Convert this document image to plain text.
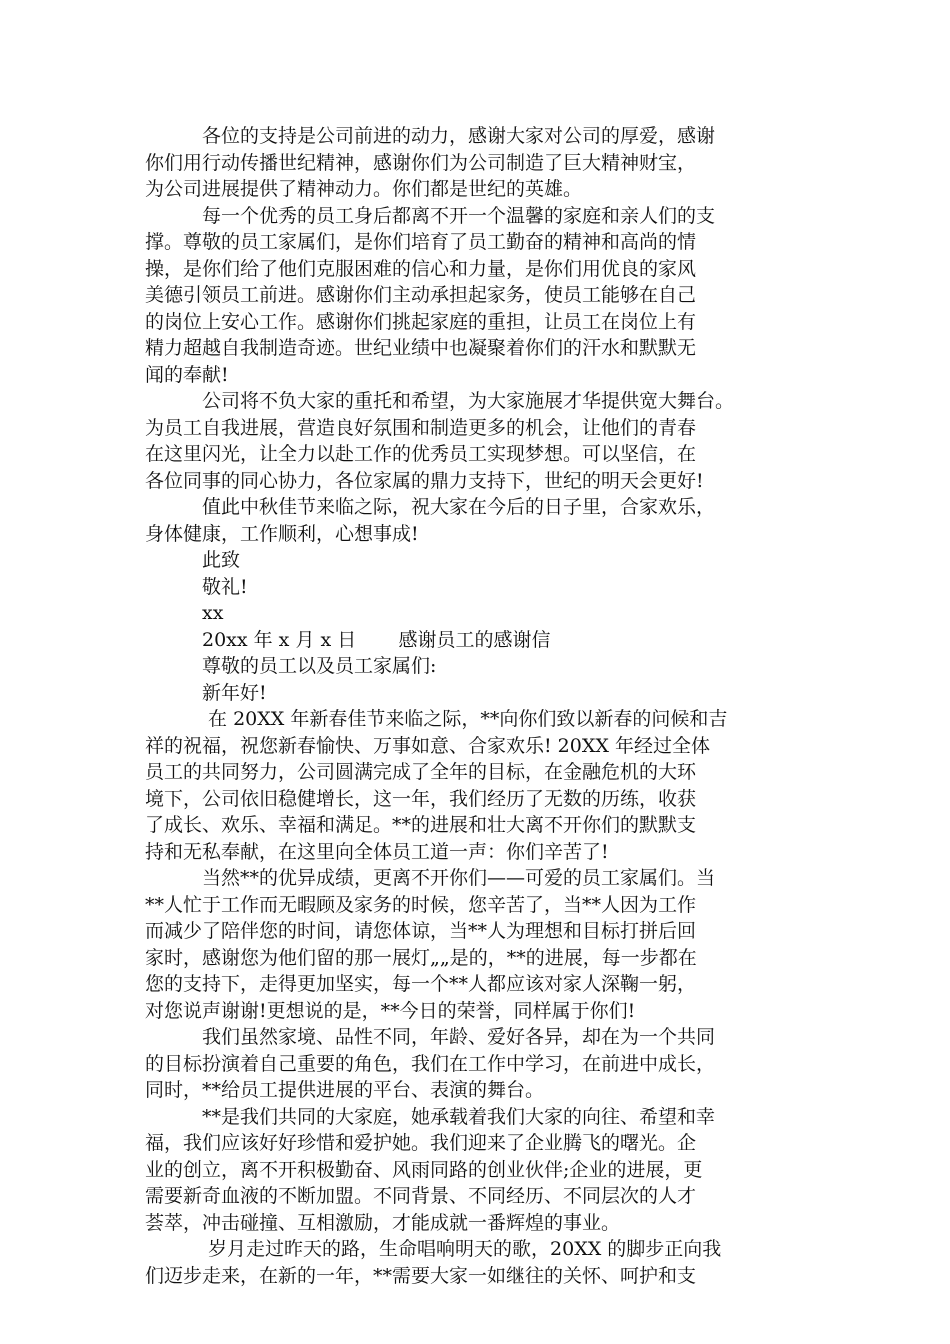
各位的支持是公司前进的动力，感谢大家对公司的厚爱，感谢
你们用行动传播世纪精神，感谢你们为公司制造了巨大精神财宝，
为公司进展提供了精神动力。你们都是世纪的英雄。
每一个优秀的员工身后都离不开一个温馨的家庭和亲人们的支
撑。尊敬的员工家属们，是你们培育了员工勤奋的精神和高尚的情
操，是你们给了他们克服困难的信心和力量，是你们用优良的家风
美德引领员工前进。感谢你们主动承担起家务，使员工能够在自己
的岗位上安心工作。感谢你们挑起家庭的重担，让员工在岗位上有
精力超越自我制造奇迹。世纪业绩中也凝聚着你们的汗水和默默无
闻的奉献!
公司将不负大家的重托和希望，为大家施展才华提供宽大舞台。
为员工自我进展，营造良好氛围和制造更多的机会，让他们的青春
在这里闪光，让全力以赴工作的优秀员工实现梦想。可以坚信，在
各位同事的同心协力，各位家属的鼎力支持下，世纪的明天会更好!
值此中秋佳节来临之际，祝大家在今后的日子里，合家欢乐，
身体健康，工作顺利，心想事成!
此致
敬礼!
xx
20xx 年 x 月 x 日       感谢员工的感谢信
尊敬的员工以及员工家属们:
新年好!
在 20XX 年新春佳节来临之际，**向你们致以新春的问候和吉
祥的祝福，祝您新春愉快、万事如意、合家欢乐! 20XX 年经过全体
员工的共同努力，公司圆满完成了全年的目标，在金融危机的大环
境下，公司依旧稳健增长，这一年，我们经历了无数的历练，收获
了成长、欢乐、幸福和满足。**的进展和壮大离不开你们的默默支
持和无私奉献，在这里向全体员工道一声：你们辛苦了!
当然**的优异成绩，更离不开你们——可爱的员工家属们。当
**人忙于工作而无暇顾及家务的时候，您辛苦了，当**人因为工作
而减少了陪伴您的时间，请您体谅，当**人为理想和目标打拼后回
家时，感谢您为他们留的那一展灯„„是的，**的进展，每一步都在
您的支持下，走得更加坚实，每一个**人都应该对家人深鞠一躬，
对您说声谢谢!更想说的是，**今日的荣誉，同样属于你们!
我们虽然家境、品性不同，年龄、爱好各异，却在为一个共同
的目标扮演着自己重要的角色，我们在工作中学习，在前进中成长，
同时，**给员工提供进展的平台、表演的舞台。
**是我们共同的大家庭，她承载着我们大家的向往、希望和幸
福，我们应该好好珍惜和爱护她。我们迎来了企业腾飞的曙光。企
业的创立，离不开积极勤奋、风雨同路的创业伙伴;企业的进展，更
需要新奇血液的不断加盟。不同背景、不同经历、不同层次的人才
荟萃，冲击碰撞、互相激励，才能成就一番辉煌的事业。
岁月走过昨天的路，生命唱响明天的歌，20XX 的脚步正向我
们迈步走来，在新的一年，**需要大家一如继往的关怀、呵护和支
